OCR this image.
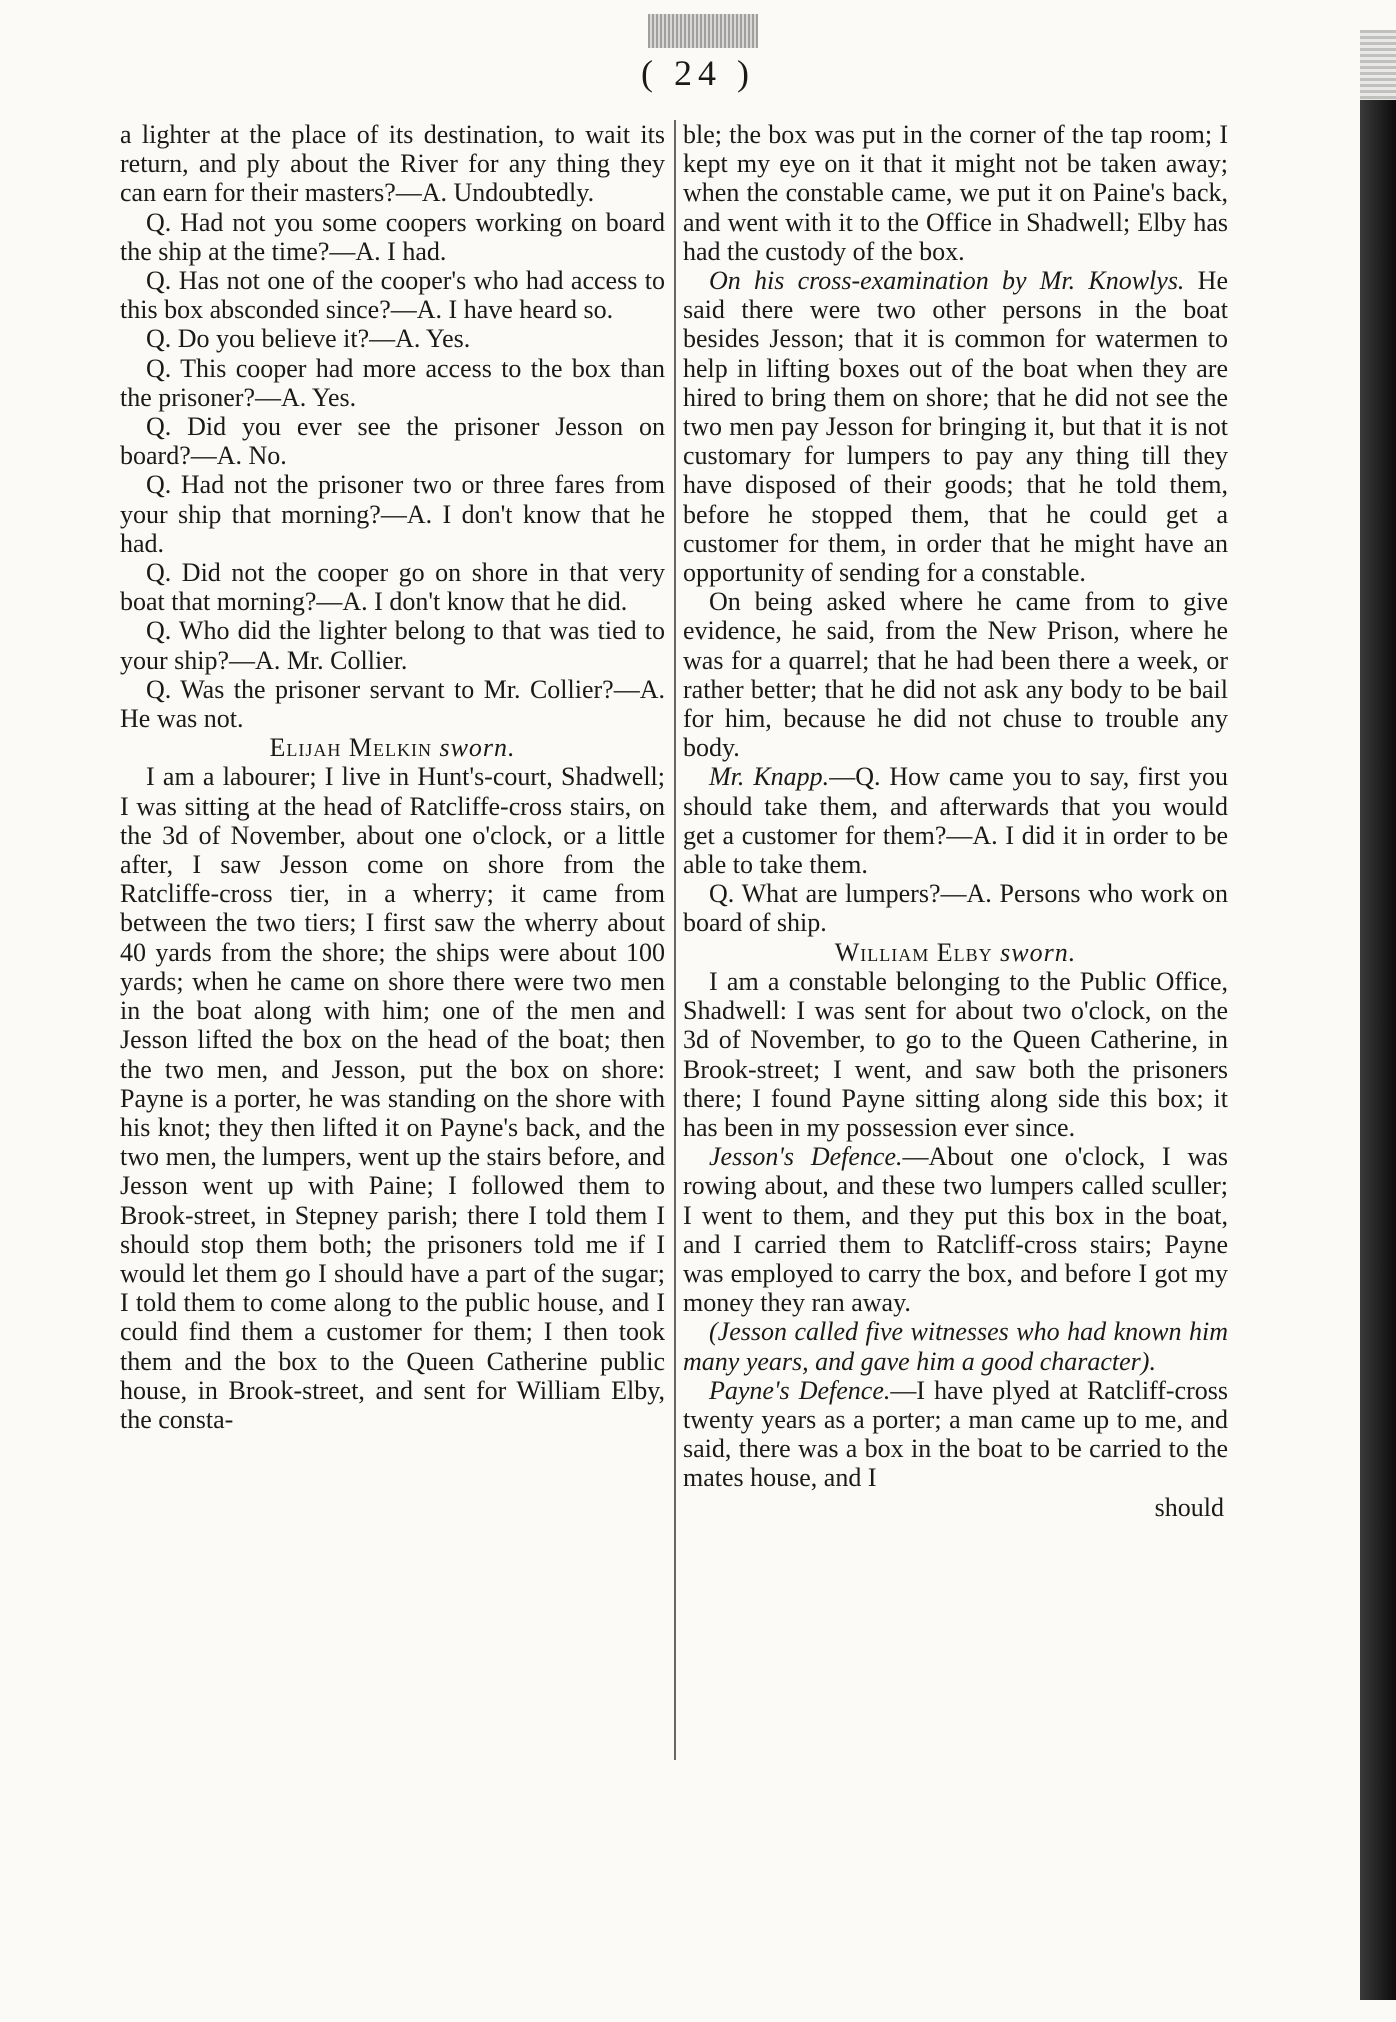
( 24 )

a lighter at the place of its destination, to wait its return, and ply about the River for any thing they can earn for their masters?—A. Undoubtedly.

Q. Had not you some coopers working on board the ship at the time?—A. I had.

Q. Has not one of the cooper's who had access to this box absconded since?—A. I have heard so.

Q. Do you believe it?—A. Yes.

Q. This cooper had more access to the box than the prisoner?—A. Yes.

Q. Did you ever see the prisoner Jesson on board?—A. No.

Q. Had not the prisoner two or three fares from your ship that morning?—A. I don't know that he had.

Q. Did not the cooper go on shore in that very boat that morning?—A. I don't know that he did.

Q. Who did the lighter belong to that was tied to your ship?—A. Mr. Collier.

Q. Was the prisoner servant to Mr. Collier?—A. He was not.

Elijah Melkin sworn.

I am a labourer; I live in Hunt's-court, Shadwell; I was sitting at the head of Ratcliffe-cross stairs, on the 3d of November, about one o'clock, or a little after, I saw Jesson come on shore from the Ratcliffe-cross tier, in a wherry; it came from between the two tiers; I first saw the wherry about 40 yards from the shore; the ships were about 100 yards; when he came on shore there were two men in the boat along with him; one of the men and Jesson lifted the box on the head of the boat; then the two men, and Jesson, put the box on shore: Payne is a porter, he was standing on the shore with his knot; they then lifted it on Payne's back, and the two men, the lumpers, went up the stairs before, and Jesson went up with Paine; I followed them to Brook-street, in Stepney parish; there I told them I should stop them both; the prisoners told me if I would let them go I should have a part of the sugar; I told them to come along to the public house, and I could find them a customer for them; I then took them and the box to the Queen Catherine public house, in Brook-street, and sent for William Elby, the consta-

ble; the box was put in the corner of the tap room; I kept my eye on it that it might not be taken away; when the constable came, we put it on Paine's back, and went with it to the Office in Shadwell; Elby has had the custody of the box.

On his cross-examination by Mr. Knowlys. He said there were two other persons in the boat besides Jesson; that it is common for watermen to help in lifting boxes out of the boat when they are hired to bring them on shore; that he did not see the two men pay Jesson for bringing it, but that it is not customary for lumpers to pay any thing till they have disposed of their goods; that he told them, before he stopped them, that he could get a customer for them, in order that he might have an opportunity of sending for a constable.

On being asked where he came from to give evidence, he said, from the New Prison, where he was for a quarrel; that he had been there a week, or rather better; that he did not ask any body to be bail for him, because he did not chuse to trouble any body.

Mr. Knapp.—Q. How came you to say, first you should take them, and afterwards that you would get a customer for them?—A. I did it in order to be able to take them.

Q. What are lumpers?—A. Persons who work on board of ship.

William Elby sworn.

I am a constable belonging to the Public Office, Shadwell: I was sent for about two o'clock, on the 3d of November, to go to the Queen Catherine, in Brook-street; I went, and saw both the prisoners there; I found Payne sitting along side this box; it has been in my possession ever since.

Jesson's Defence.—About one o'clock, I was rowing about, and these two lumpers called sculler; I went to them, and they put this box in the boat, and I carried them to Ratcliff-cross stairs; Payne was employed to carry the box, and before I got my money they ran away.

(Jesson called five witnesses who had known him many years, and gave him a good character).

Payne's Defence.—I have plyed at Ratcliff-cross twenty years as a porter; a man came up to me, and said, there was a box in the boat to be carried to the mates house, and I

should
